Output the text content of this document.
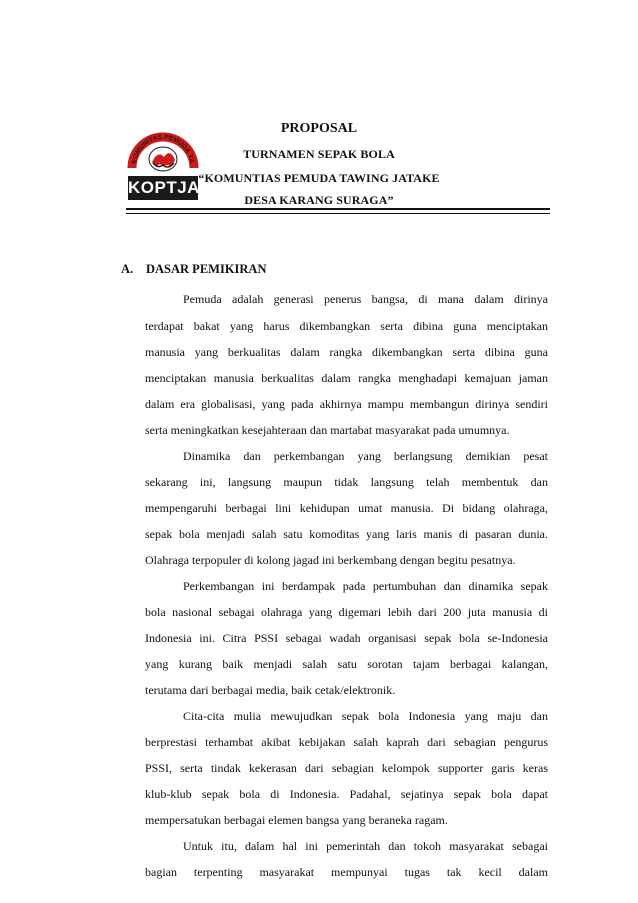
KOMUNITAS PEMUDA TA
KOPTJA
PROPOSAL
TURNAMEN SEPAK BOLA
“KOMUNTIAS PEMUDA TAWING JATAKE
DESA KARANG SURAGA”
A. DASAR PEMIKIRAN
Pemuda adalah generasi penerus bangsa, di mana dalam dirinya
terdapat bakat yang harus dikembangkan serta dibina guna menciptakan
manusia yang berkualitas dalam rangka dikembangkan serta dibina guna
menciptakan manusia berkualitas dalam rangka menghadapi kemajuan jaman
dalam era globalisasi, yang pada akhirnya mampu membangun dirinya sendiri
serta meningkatkan kesejahteraan dan martabat masyarakat pada umumnya.
Dinamika dan perkembangan yang berlangsung demikian pesat
sekarang ini, langsung maupun tidak langsung telah membentuk dan
mempengaruhi berbagai lini kehidupan umat manusia. Di bidang olahraga,
sepak bola menjadi salah satu komoditas yang laris manis di pasaran dunia.
Olahraga terpopuler di kolong jagad ini berkembang dengan begitu pesatnya.
Perkembangan ini berdampak pada pertumbuhan dan dinamika sepak
bola nasional sebagai olahraga yang digemari lebih dari 200 juta manusia di
Indonesia ini. Citra PSSI sebagai wadah organisasi sepak bola se-Indonesia
yang kurang baik menjadi salah satu sorotan tajam berbagai kalangan,
terutama dari berbagai media, baik cetak/elektronik.
Cita-cita mulia mewujudkan sepak bola Indonesia yang maju dan
berprestasi terhambat akibat kebijakan salah kaprah dari sebagian pengurus
PSSI, serta tindak kekerasan dari sebagian kelompok supporter garis keras
klub-klub sepak bola di Indonesia. Padahal, sejatinya sepak bola dapat
mempersatukan berbagai elemen bangsa yang beraneka ragam.
Untuk itu, dalam hal ini pemerintah dan tokoh masyarakat sebagai
bagian terpenting masyarakat mempunyai tugas tak kecil dalam
